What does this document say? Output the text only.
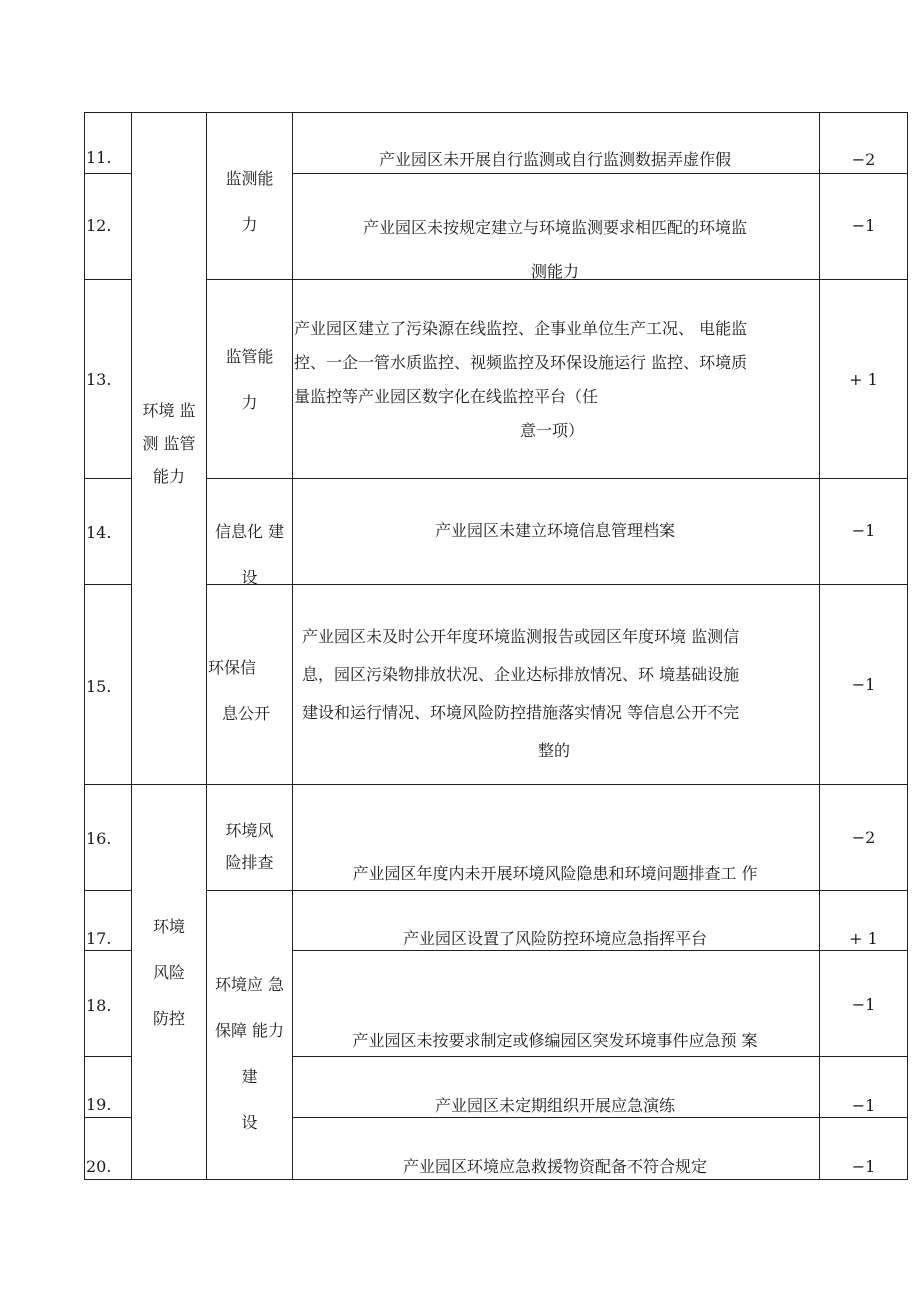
11.
12.
13.
14.
15.
16.
17.
18.
19.
20.
环境 监
测 监管
能力
环境
风险
防控
监测能
力
监管能
力
信息化 建
设
环保信
息公开
环境风
险排查
环境应 急
保障 能力
建
设
产业园区未开展自行监测或自行监测数据弄虚作假
产业园区未按规定建立与环境监测要求相匹配的环境监
测能力
产业园区建立了污染源在线监控、企事业单位生产工况、 电能监
控、一企一管水质监控、视频监控及环保设施运行 监控、环境质
量监控等产业园区数字化在线监控平台（任
意一项）
产业园区未建立环境信息管理档案
产业园区未及时公开年度环境监测报告或园区年度环境 监测信
息，园区污染物排放状况、企业达标排放情况、环 境基础设施
建设和运行情况、环境风险防控措施落实情况 等信息公开不完
整的
产业园区年度内未开展环境风险隐患和环境问题排查工 作
产业园区设置了风险防控环境应急指挥平台
产业园区未按要求制定或修编园区突发环境事件应急预 案
产业园区未定期组织开展应急演练
产业园区环境应急救援物资配备不符合规定
−2
−1
+ 1
−1
−1
−2
+ 1
−1
−1
−1
